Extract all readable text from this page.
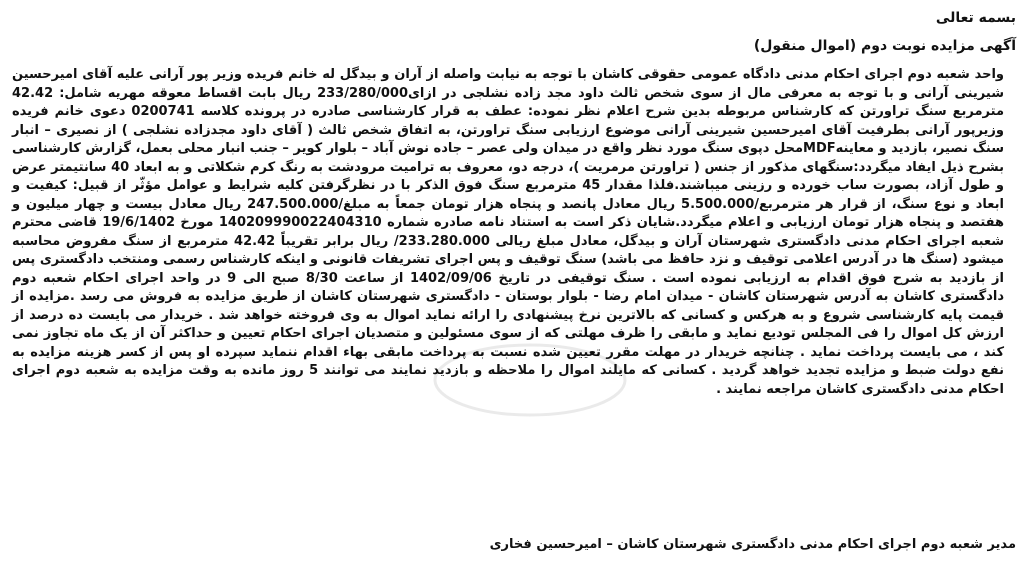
بسمه تعالی

آگهی مزایده نوبت دوم (اموال منقول)

واحد شعبه دوم اجرای احکام مدنی دادگاه عمومی حقوقی کاشان با توجه به نیابت واصله از آران و بیدگل له خانم فریده وزیر پور آرانی علیه آقای امیرحسین شیرینی آرانی و با توجه به معرفی مال از سوی شخص ثالث داود مجد زاده نشلجی در ازای233/280/000 ریال بابت اقساط معوقه مهریه شامل: 42.42 مترمربع سنگ تراورتن که کارشناس مربوطه بدین شرح اعلام نظر نموده: عطف به قرار کارشناسی صادره در پرونده کلاسه 0200741 دعوی خانم فریده وزیرپور آرانی بطرفیت آقای امیرحسین شیرینی آرانی موضوع ارزیابی سنگ تراورتن، به اتفاق شخص ثالث ( آقای داود مجدزاده نشلجی ) از نصیری – انبار سنگ نصیر، بازدید و معاینهMDFمحل دپوی سنگ مورد نظر واقع در میدان ولی عصر – جاده نوش آباد – بلوار کویر – جنب انبار محلی بعمل، گزارش کارشناسی بشرح ذیل ایفاد میگردد:سنگهای مذکور از جنس ( تراورتن مرمریت )، درجه دو، معروف به ترامیت مرودشت به رنگ کرم شکلاتی و به ابعاد 40 سانتیمتر عرض و طول آزاد، بصورت ساب خورده و رزینی میباشند.فلذا مقدار 45 مترمربع سنگ فوق الذکر با در نظرگرفتن کلیه شرایط و عوامل مؤثّر از قبیل: کیفیت و ابعاد و نوع سنگ، از قرار هر مترمربع/5.500.000 ریال معادل پانصد و پنجاه هزار تومان جمعاً به مبلغ/247.500.000 ریال معادل بیست و چهار میلیون و هفتصد و پنجاه هزار تومان ارزیابی و اعلام میگردد.شایان ذکر است به استناد نامه صادره شماره 140209990022404310 مورخ 19/6/1402 قاضی محترم شعبه اجرای احکام مدنی دادگستری شهرستان آران و بیدگل، معادل مبلغ ریالی 233.280.000/ ریال برابر تقریباً 42.42 مترمربع از سنگ مفروض محاسبه میشود (سنگ ها در آدرس اعلامی توقیف و نزد حافظ می باشد) سنگ توقیف و پس اجرای تشریفات قانونی و اینکه کارشناس رسمی ومنتخب دادگستری پس از بازدید به شرح فوق اقدام به ارزیابی نموده است . سنگ توقیفی در تاریخ 1402/09/06 از ساعت 8/30 صبح الی 9 در واحد اجرای احکام شعبه دوم دادگستری کاشان به آدرس شهرستان کاشان - میدان امام رضا - بلوار بوستان - دادگستری شهرستان کاشان از طریق مزایده به فروش می رسد .مزایده از قیمت پایه کارشناسی شروع و به هرکس و کسانی که بالاترین نرخ پیشنهادی را ارائه نماید اموال به وی فروخته خواهد شد . خریدار می بایست ده درصد از ارزش کل اموال را فی المجلس تودیع نماید و مابقی را ظرف مهلتی که از سوی مسئولین و متصدیان اجرای احکام تعیین و حداکثر آن از یک ماه تجاوز نمی کند ، می بایست پرداخت نماید . چنانچه خریدار در مهلت مقرر تعیین شده نسبت به پرداخت مابقی بهاء اقدام ننماید سپرده او پس از کسر هزینه مزایده به نفع دولت ضبط و مزایده تجدید خواهد گردید . کسانی که مایلند اموال را ملاحظه و بازدید نمایند می توانند 5 روز مانده به وقت مزایده به شعبه دوم اجرای احکام مدنی دادگستری کاشان مراجعه نمایند .

مدیر شعبه دوم اجرای احکام مدنی دادگستری شهرستان کاشان – امیرحسین فخاری
